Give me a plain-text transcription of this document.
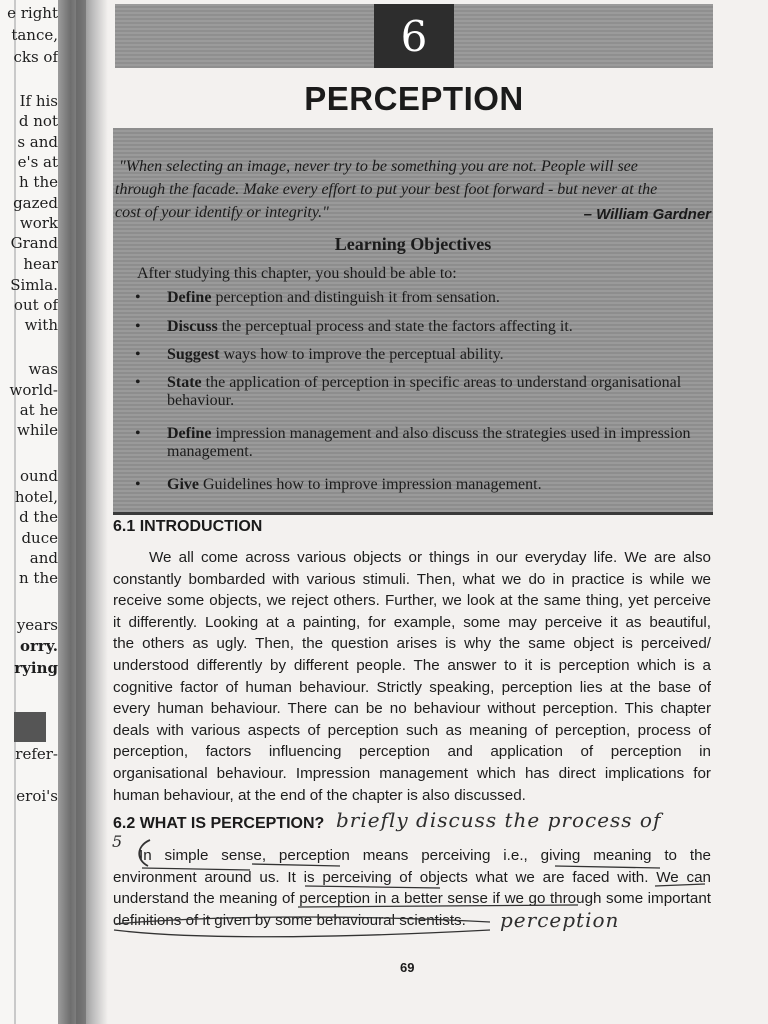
e right
tance,
cks of
If his
d not
s and
e's at
h the
gazed
work
Grand
hear
Simla.
out of
with
was
world-
at he
while
ound
hotel,
d the
duce
and
n the
years
orry.
rying
refer-
eroi's
6
PERCEPTION
"When selecting an image, never try to be something you are not. People will see
through the facade. Make every effort to put your best foot forward - but never at the
cost of your identify or integrity."	– William Gardner
Learning Objectives
After studying this chapter, you should be able to:
• Define perception and distinguish it from sensation.
• Discuss the perceptual process and state the factors affecting it.
• Suggest ways how to improve the perceptual ability.
• State the application of perception in specific areas to understand organisational behaviour.
• Define impression management and also discuss the strategies used in impression management.
• Give Guidelines how to improve impression management.
6.1 INTRODUCTION
We all come across various objects or things in our everyday life. We are also
constantly bombarded with various stimuli. Then, what we do in practice is while we
receive some objects, we reject others. Further, we look at the same thing, yet perceive
it differently. Looking at a painting, for example, some may perceive it as beautiful,
the others as ugly. Then, the question arises is why the same object is perceived/
understood differently by different people. The answer to it is perception which is a
cognitive factor of human behaviour. Strictly speaking, perception lies at the base of
every human behaviour. There can be no behaviour without perception. This chapter
deals with various aspects of perception such as meaning of perception, process of
perception, factors influencing perception and application of perception in
organisational behaviour. Impression management which has direct implications for
human behaviour, at the end of the chapter is also discussed.
6.2 WHAT IS PERCEPTION?
In simple sense, perception means perceiving i.e., giving meaning to the
environment around us. It is perceiving of objects what we are faced with. We can
understand the meaning of perception in a better sense if we go through some important
definitions of it given by some behavioural scientists.
briefly discuss the process of
perception
5
69
